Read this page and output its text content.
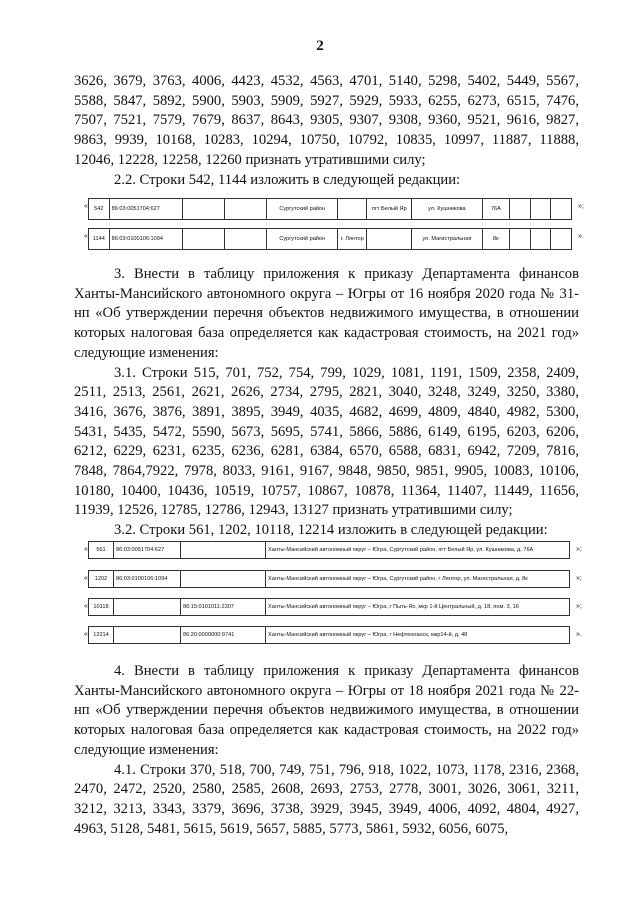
2

3626, 3679, 3763, 4006, 4423, 4532, 4563, 4701, 5140, 5298, 5402, 5449, 5567, 5588, 5847, 5892, 5900, 5903, 5909, 5927, 5929, 5933, 6255, 6273, 6515, 7476, 7507, 7521, 7579, 7679, 8637, 8643, 9305, 9307, 9308, 9360, 9521, 9616, 9827, 9863, 9939, 10168, 10283, 10294, 10750, 10792, 10835, 10997, 11887, 11888, 12046, 12228, 12258, 12260 признать утратившими силу;

2.2. Строки 542, 1144 изложить в следующей редакции:

« 542	86:03:0051704:627			Сургутский район		пгт Белый Яр	ул. Кушникова	76А				»;
« 1144	86:03:0100106:1094			Сургутский район	г. Лянтор		ул. Магистральная	8к				».

3. Внести в таблицу приложения к приказу Департамента финансов Ханты-Мансийского автономного округа – Югры от 16 ноября 2020 года № 31-нп «Об утверждении перечня объектов недвижимого имущества, в отношении которых налоговая база определяется как кадастровая стоимость, на 2021 год» следующие изменения:

3.1. Строки 515, 701, 752, 754, 799, 1029, 1081, 1191, 1509, 2358, 2409, 2511, 2513, 2561, 2621, 2626, 2734, 2795, 2821, 3040, 3248, 3249, 3250, 3380, 3416, 3676, 3876, 3891, 3895, 3949, 4035, 4682, 4699, 4809, 4840, 4982, 5300, 5431, 5435, 5472, 5590, 5673, 5695, 5741, 5866, 5886, 6149, 6195, 6203, 6206, 6212, 6229, 6231, 6235, 6236, 6281, 6384, 6570, 6588, 6831, 6942, 7209, 7816, 7848, 7864,7922, 7978, 8033, 9161, 9167, 9848, 9850, 9851, 9905, 10083, 10106, 10180, 10400, 10436, 10519, 10757, 10867, 10878, 11364, 11407, 11449, 11656, 11939, 12526, 12785, 12786, 12943, 13127 признать утратившими силу;

3.2. Строки 561, 1202, 10118, 12214 изложить в следующей редакции:

« 561	86:03:0051704:627		Ханты-Мансийский автономный округ – Югра, Сургутский район, пгт Белый Яр, ул. Кушникова, д. 76А	»;
« 1202	86:03:0100106:1094		Ханты-Мансийский автономный округ – Югра, Сургутский район, г Лянтор, ул. Магистральная, д. 8к	»;
« 10118		86:15:0101011:2307	Ханты-Мансийский автономный округ – Югра, г Пыть-Ях, мкр 1-й Центральный, д. 18, пом. 3, 16	»;
« 12214		86:20:0000000:9741	Ханты-Мансийский автономный округ – Югра, г Нефтеюганск, мкр14-й, д. 48	».

4. Внести в таблицу приложения к приказу Департамента финансов Ханты-Мансийского автономного округа – Югры от 18 ноября 2021 года № 22-нп «Об утверждении перечня объектов недвижимого имущества, в отношении которых налоговая база определяется как кадастровая стоимость, на 2022 год» следующие изменения:

4.1. Строки 370, 518, 700, 749, 751, 796, 918, 1022, 1073, 1178, 2316, 2368, 2470, 2472, 2520, 2580, 2585, 2608, 2693, 2753, 2778, 3001, 3026, 3061, 3211, 3212, 3213, 3343, 3379, 3696, 3738, 3929, 3945, 3949, 4006, 4092, 4804, 4927, 4963, 5128, 5481, 5615, 5619, 5657, 5885, 5773, 5861, 5932, 6056, 6075,
